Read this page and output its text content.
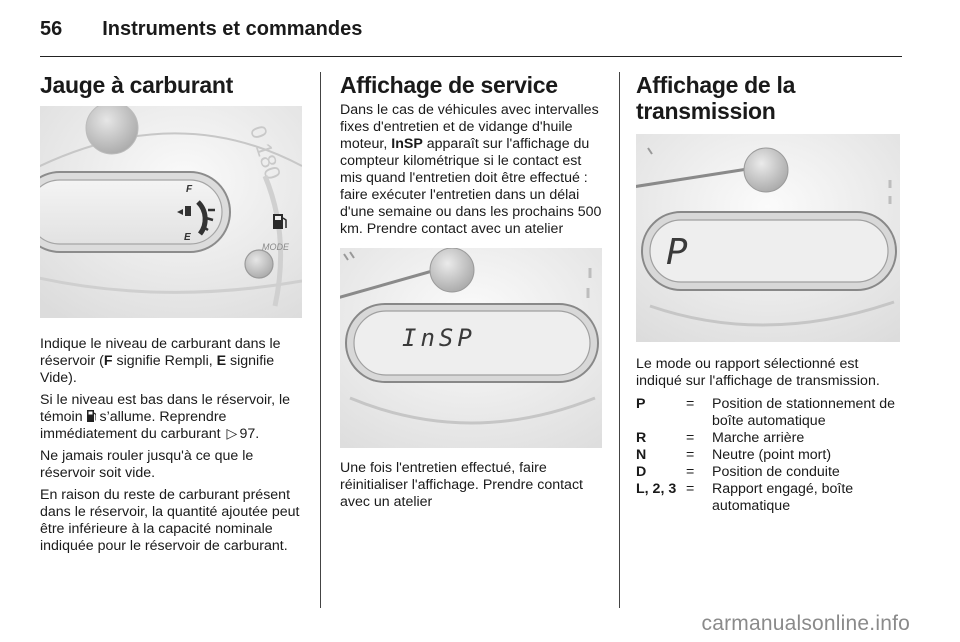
56 Instruments et commandes
Jauge à carburant
0 180
F
E
MODE

Indique le niveau de carburant dans le réservoir (F signifie Rempli, E signifie Vide).

Si le niveau est bas dans le réservoir, le témoin  s’allume. Reprendre immédiatement du carburant ▷ 97.

Ne jamais rouler jusqu'à ce que le réservoir soit vide.

En raison du reste de carburant présent dans le réservoir, la quantité ajoutée peut être inférieure à la capacité nominale indiquée pour le réservoir de carburant.

Affichage de service

Dans le cas de véhicules avec intervalles fixes d'entretien et de vidange d'huile moteur, InSP apparaît sur l'affichage du compteur kilométrique si le contact est mis quand l'entretien doit être effectué : faire exécuter l'entretien dans un délai d'une semaine ou dans les prochains 500 km. Prendre contact avec un atelier

InSP

Une fois l'entretien effectué, faire réinitialiser l'affichage. Prendre contact avec un atelier

Affichage de la transmission
P

Le mode ou rapport sélectionné est indiqué sur l'affichage de transmission.

P	=	Position de stationnement de boîte automatique
R	=	Marche arrière
N	=	Neutre (point mort)
D	=	Position de conduite
L, 2, 3	=	Rapport engagé, boîte automatique
carmanualsonline.info
